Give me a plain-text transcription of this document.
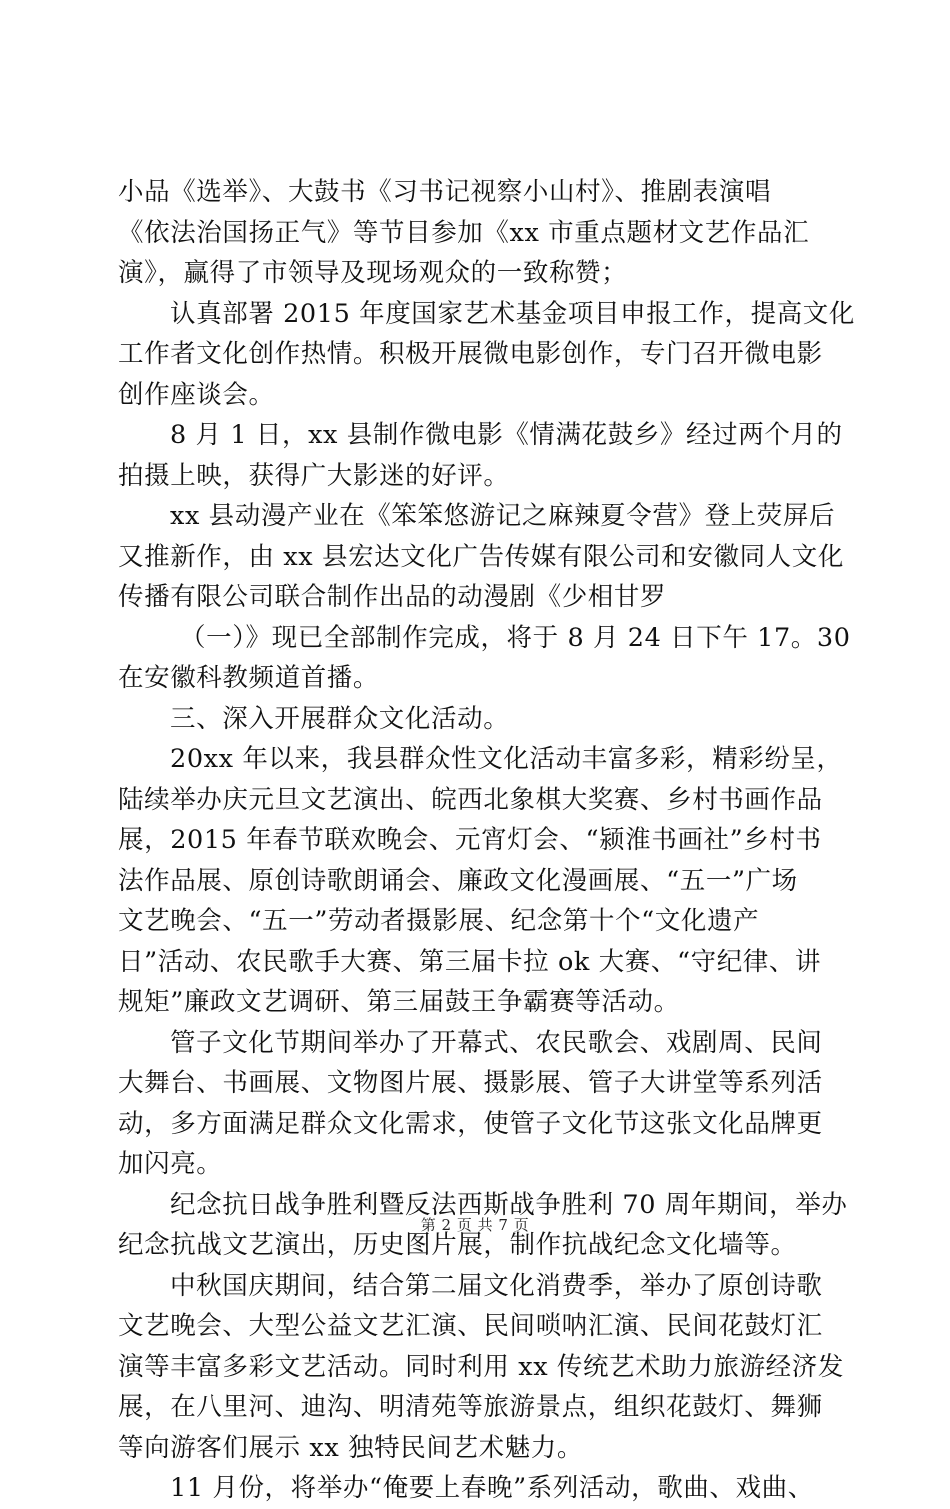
小品《选举》、大鼓书《习书记视察小山村》、推剧表演唱
《依法治国扬正气》等节目参加《xx 市重点题材文艺作品汇
演》，赢得了市领导及现场观众的一致称赞；
认真部署 2015 年度国家艺术基金项目申报工作，提高文化
工作者文化创作热情。积极开展微电影创作，专门召开微电影
创作座谈会。
8 月 1 日，xx 县制作微电影《情满花鼓乡》经过两个月的
拍摄上映，获得广大影迷的好评。
xx 县动漫产业在《笨笨悠游记之麻辣夏令营》登上荧屏后
又推新作，由 xx 县宏达文化广告传媒有限公司和安徽同人文化
传播有限公司联合制作出品的动漫剧《少相甘罗
（一）》现已全部制作完成，将于 8 月 24 日下午 17。30
在安徽科教频道首播。
三、深入开展群众文化活动。
20xx 年以来，我县群众性文化活动丰富多彩，精彩纷呈，
陆续举办庆元旦文艺演出、皖西北象棋大奖赛、乡村书画作品
展，2015 年春节联欢晚会、元宵灯会、“颍淮书画社”乡村书
法作品展、原创诗歌朗诵会、廉政文化漫画展、“五一”广场
文艺晚会、“五一”劳动者摄影展、纪念第十个“文化遗产
日”活动、农民歌手大赛、第三届卡拉 ok 大赛、“守纪律、讲
规矩”廉政文艺调研、第三届鼓王争霸赛等活动。
管子文化节期间举办了开幕式、农民歌会、戏剧周、民间
大舞台、书画展、文物图片展、摄影展、管子大讲堂等系列活
动，多方面满足群众文化需求，使管子文化节这张文化品牌更
加闪亮。
纪念抗日战争胜利暨反法西斯战争胜利 70 周年期间，举办
纪念抗战文艺演出，历史图片展，制作抗战纪念文化墙等。
中秋国庆期间，结合第二届文化消费季，举办了原创诗歌
文艺晚会、大型公益文艺汇演、民间唢呐汇演、民间花鼓灯汇
演等丰富多彩文艺活动。同时利用 xx 传统艺术助力旅游经济发
展，在八里河、迪沟、明清苑等旅游景点，组织花鼓灯、舞狮
等向游客们展示 xx 独特民间艺术魅力。
11 月份，将举办“俺要上春晚”系列活动，歌曲、戏曲、
第 2 页 共 7 页
